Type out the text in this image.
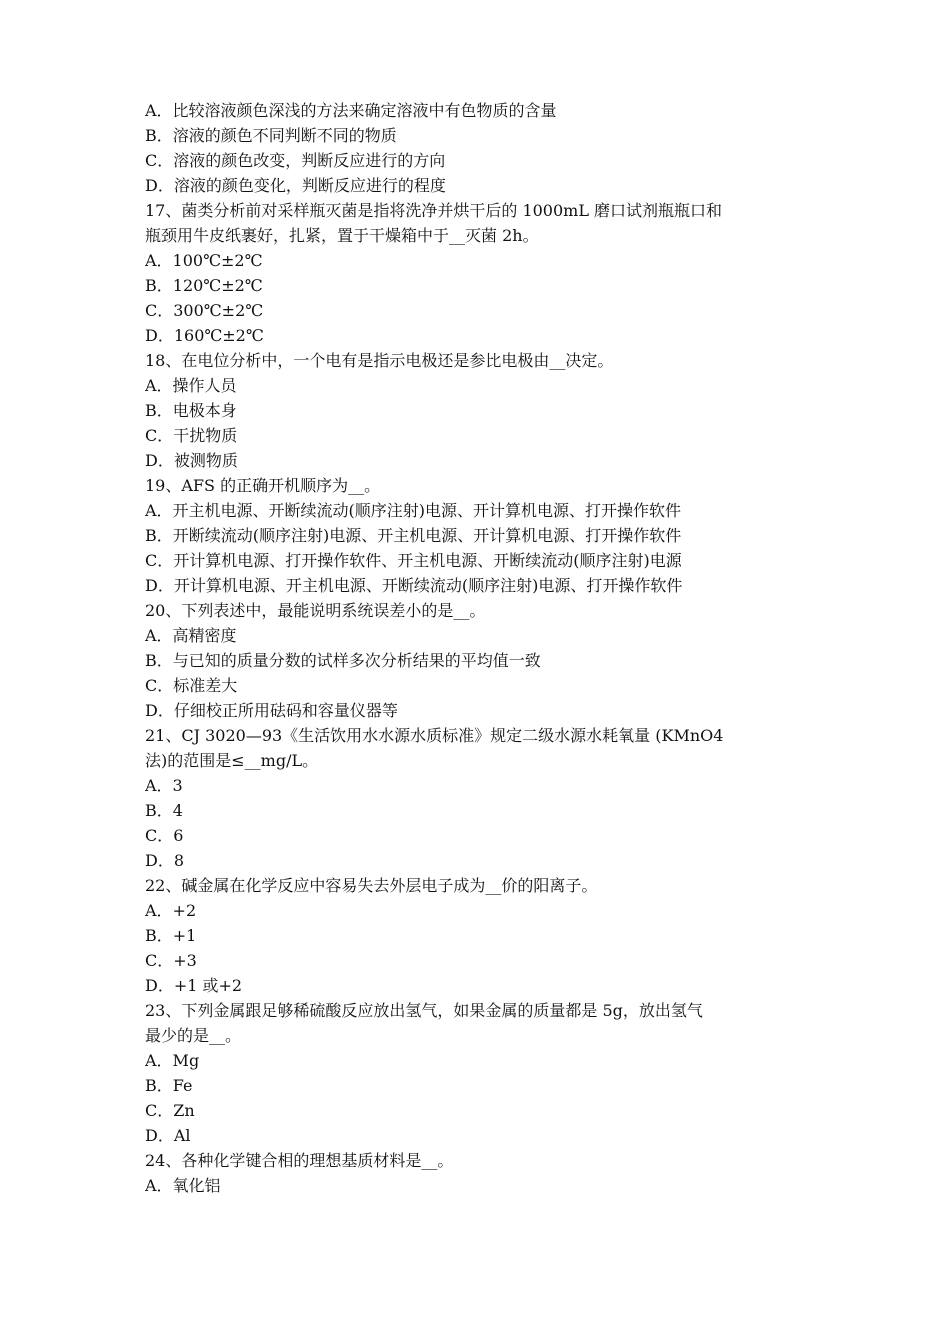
A．比较溶液颜色深浅的方法来确定溶液中有色物质的含量
B．溶液的颜色不同判断不同的物质
C．溶液的颜色改变，判断反应进行的方向
D．溶液的颜色变化，判断反应进行的程度
17、菌类分析前对采样瓶灭菌是指将洗净并烘干后的 1000mL 磨口试剂瓶瓶口和
瓶颈用牛皮纸裹好，扎紧，置于干燥箱中于__灭菌 2h。
A．100℃±2℃
B．120℃±2℃
C．300℃±2℃
D．160℃±2℃
18、在电位分析中，一个电有是指示电极还是参比电极由__决定。
A．操作人员
B．电极本身
C．干扰物质
D．被测物质
19、AFS 的正确开机顺序为__。
A．开主机电源、开断续流动(顺序注射)电源、开计算机电源、打开操作软件
B．开断续流动(顺序注射)电源、开主机电源、开计算机电源、打开操作软件
C．开计算机电源、打开操作软件、开主机电源、开断续流动(顺序注射)电源
D．开计算机电源、开主机电源、开断续流动(顺序注射)电源、打开操作软件
20、下列表述中，最能说明系统误差小的是__。
A．高精密度
B．与已知的质量分数的试样多次分析结果的平均值一致
C．标准差大
D．仔细校正所用砝码和容量仪器等
21、CJ 3020—93《生活饮用水水源水质标准》规定二级水源水耗氧量 (KMnO4
法)的范围是≤__mg/L。
A．3
B．4
C．6
D．8
22、碱金属在化学反应中容易失去外层电子成为__价的阳离子。
A．+2
B．+1
C．+3
D．+1 或+2
23、下列金属跟足够稀硫酸反应放出氢气，如果金属的质量都是 5g，放出氢气
最少的是__。
A．Mg
B．Fe
C．Zn
D．Al
24、各种化学键合相的理想基质材料是__。
A．氧化铝
